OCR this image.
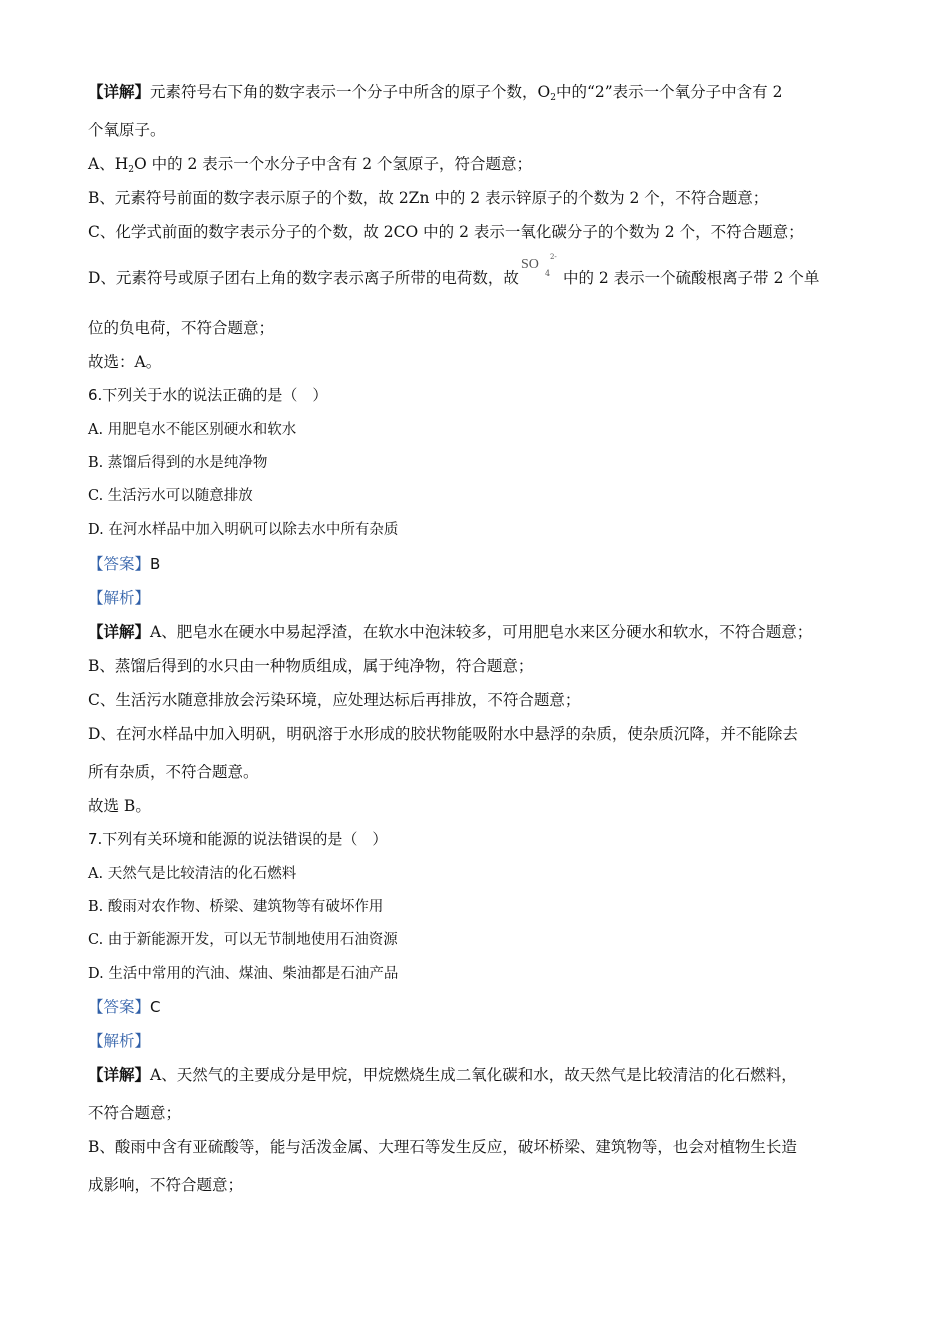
【详解】元素符号右下角的数字表示一个分子中所含的原子个数，$O_2$中的“2”表示一个氧分子中含有 2
个氧原子。
A、$H_2O$ 中的 2 表示一个水分子中含有 2 个氢原子，符合题意；
B、元素符号前面的数字表示原子的个数，故 2Zn 中的 2 表示锌原子的个数为 2 个，不符合题意；
C、化学式前面的数字表示分子的个数，故 2CO 中的 2 表示一氧化碳分子的个数为 2 个，不符合题意；
D、元素符号或原子团右上角的数字表示离子所带的电荷数，故
SO
4
2-
中的 2 表示一个硫酸根离子带 2 个单
位的负电荷，不符合题意；
故选：A。
6.下列关于水的说法正确的是（　）
A. 用肥皂水不能区别硬水和软水
B. 蒸馏后得到的水是纯净物
C. 生活污水可以随意排放
D. 在河水样品中加入明矾可以除去水中所有杂质
【答案】B
【解析】
【详解】A、肥皂水在硬水中易起浮渣，在软水中泡沫较多，可用肥皂水来区分硬水和软水，不符合题意；
B、蒸馏后得到的水只由一种物质组成，属于纯净物，符合题意；
C、生活污水随意排放会污染环境，应处理达标后再排放，不符合题意；
D、在河水样品中加入明矾，明矾溶于水形成的胶状物能吸附水中悬浮的杂质，使杂质沉降，并不能除去
所有杂质，不符合题意。
故选 B。
7.下列有关环境和能源的说法错误的是（　）
A. 天然气是比较清洁的化石燃料
B. 酸雨对农作物、桥梁、建筑物等有破坏作用
C. 由于新能源开发，可以无节制地使用石油资源
D. 生活中常用的汽油、煤油、柴油都是石油产品
【答案】C
【解析】
【详解】A、天然气的主要成分是甲烷，甲烷燃烧生成二氧化碳和水，故天然气是比较清洁的化石燃料，
不符合题意；
B、酸雨中含有亚硫酸等，能与活泼金属、大理石等发生反应，破坏桥梁、建筑物等，也会对植物生长造
成影响，不符合题意；
